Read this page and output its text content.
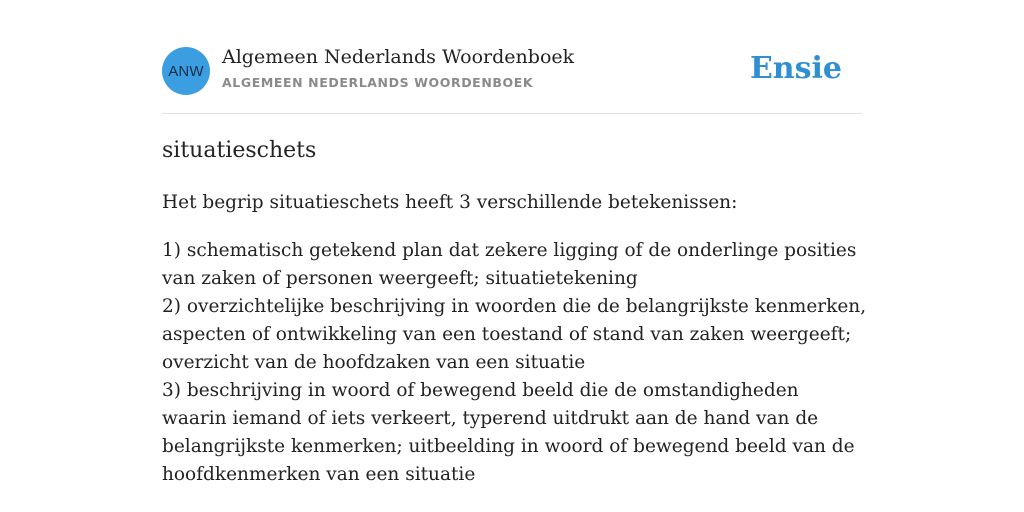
ANW
Algemeen Nederlands Woordenboek
ALGEMEEN NEDERLANDS WOORDENBOEK	Ensie
situatieschets

Het begrip situatieschets heeft 3 verschillende betekenissen:

1) schematisch getekend plan dat zekere ligging of de onderlinge posities van zaken of personen weergeeft; situatietekening
2) overzichtelijke beschrijving in woorden die de belangrijkste kenmerken, aspecten of ontwikkeling van een toestand of stand van zaken weergeeft; overzicht van de hoofdzaken van een situatie
3) beschrijving in woord of bewegend beeld die de omstandigheden waarin iemand of iets verkeert, typerend uitdrukt aan de hand van de belangrijkste kenmerken; uitbeelding in woord of bewegend beeld van de hoofdkenmerken van een situatie
